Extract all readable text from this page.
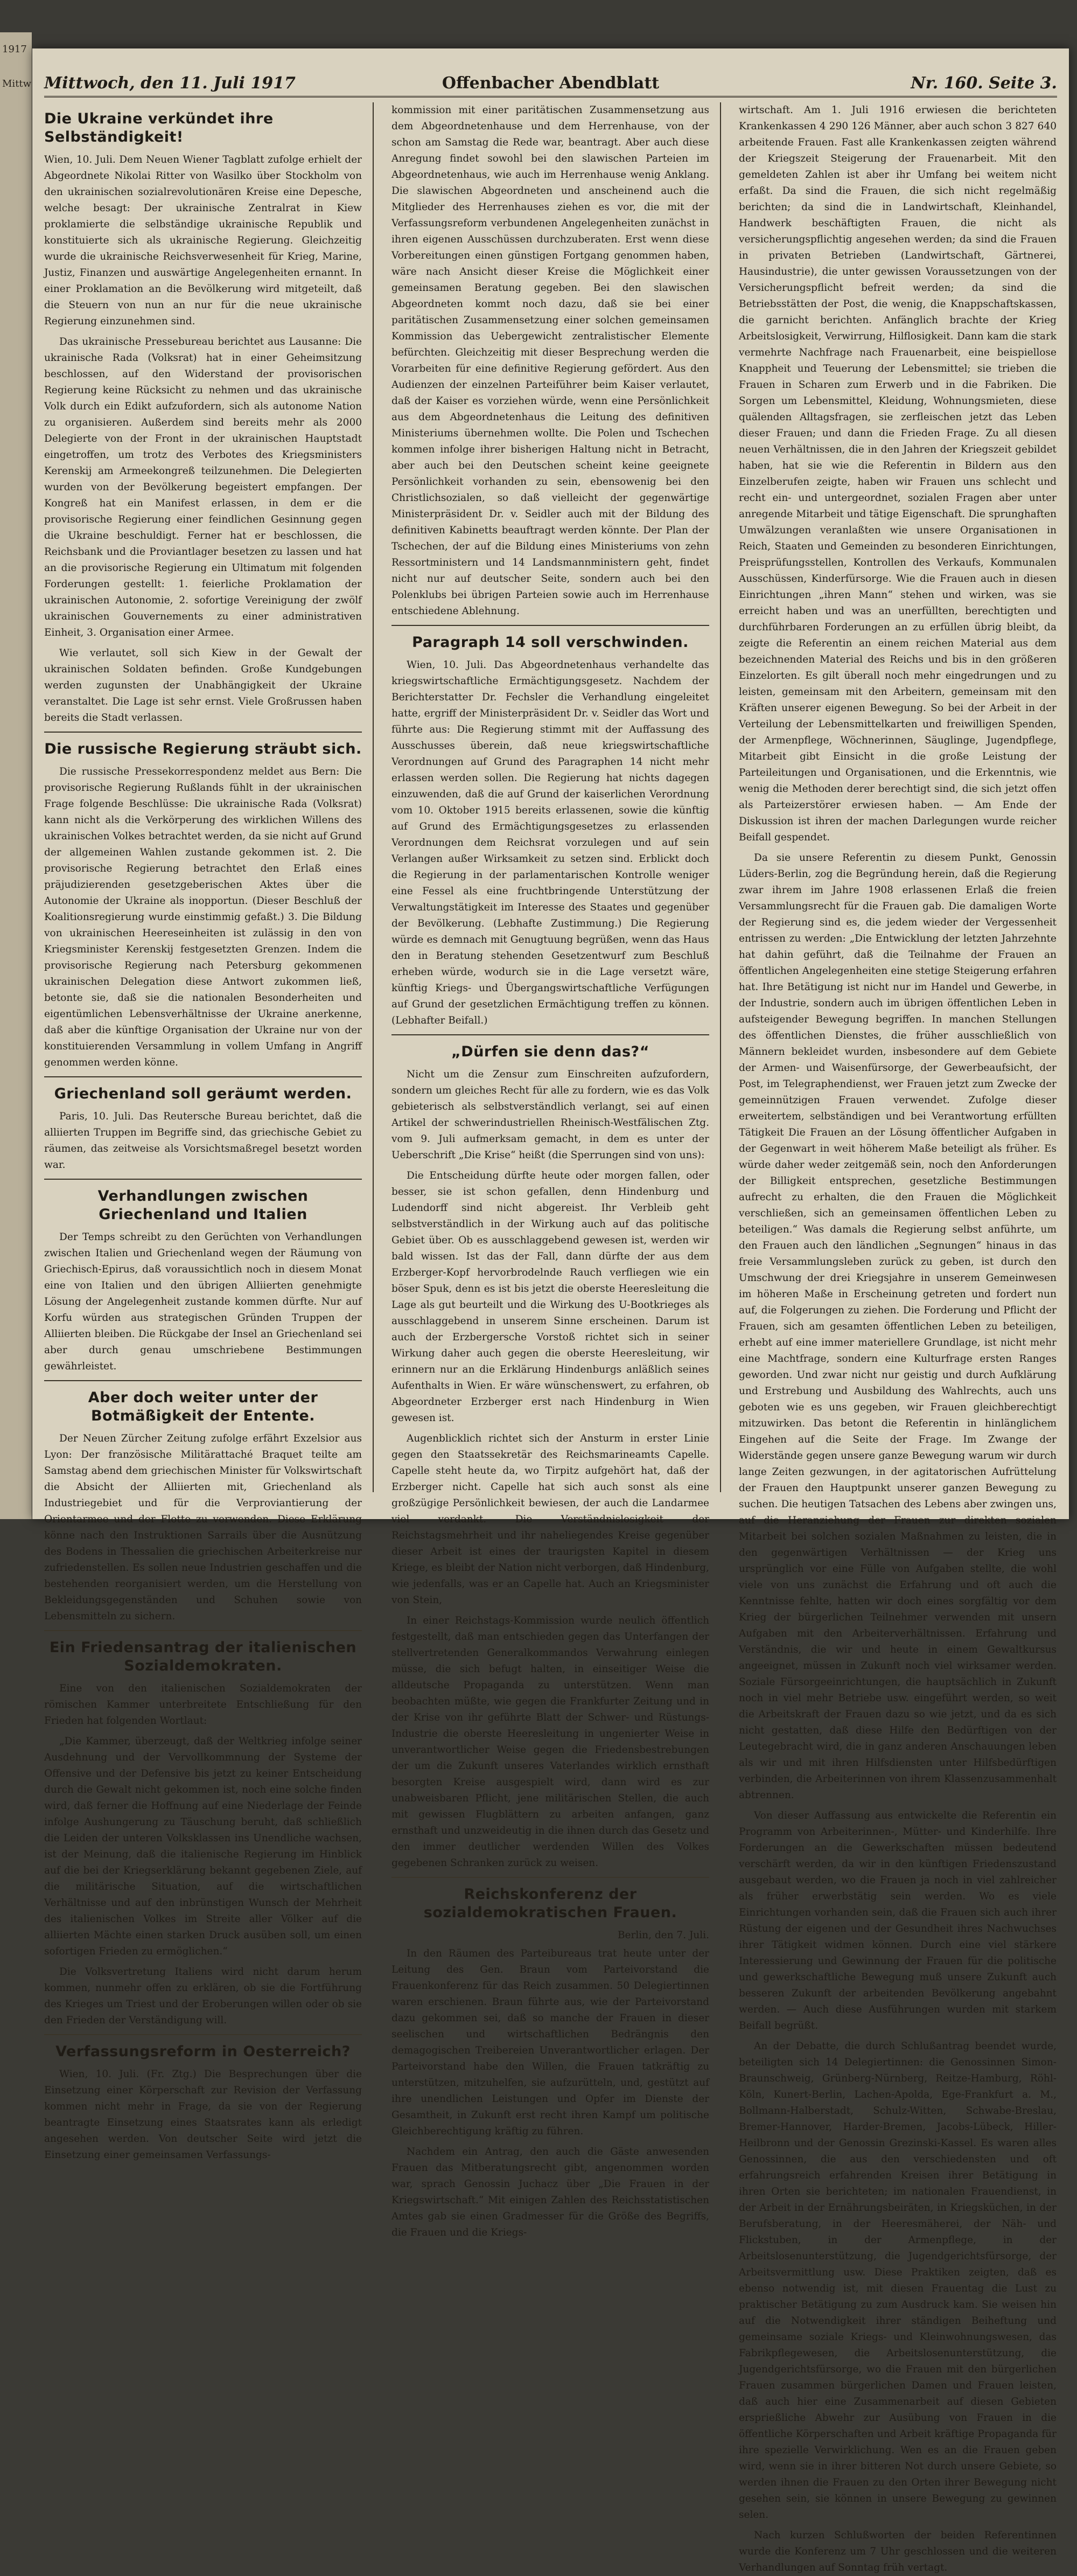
1917
Mittw Mittwoch, den 11. Juli 1917	Offenbacher Abendblatt	Nr. 160. Seite 3.
Die Ukraine verkündet ihre Selbständigkeit!

Wien, 10. Juli. Dem Neuen Wiener Tagblatt zufolge erhielt der Abgeordnete Nikolai Ritter von Wasilko über Stockholm von den ukrainischen sozialrevolutionären Kreise eine Depesche, welche besagt: Der ukrainische Zentralrat in Kiew proklamierte die selbständige ukrainische Republik und konstituierte sich als ukrainische Regierung. Gleichzeitig wurde die ukrainische Reichsverwesenheit für Krieg, Marine, Justiz, Finanzen und auswärtige Angelegenheiten ernannt. In einer Proklamation an die Bevölkerung wird mitgeteilt, daß die Steuern von nun an nur für die neue ukrainische Regierung einzunehmen sind.

Das ukrainische Pressebureau berichtet aus Lausanne: Die ukrainische Rada (Volksrat) hat in einer Geheimsitzung beschlossen, auf den Widerstand der provisorischen Regierung keine Rücksicht zu nehmen und das ukrainische Volk durch ein Edikt aufzufordern, sich als autonome Nation zu organisieren. Außerdem sind bereits mehr als 2000 Delegierte von der Front in der ukrainischen Hauptstadt eingetroffen, um trotz des Verbotes des Kriegsministers Kerenskij am Armeekongreß teilzunehmen. Die Delegierten wurden von der Bevölkerung begeistert empfangen. Der Kongreß hat ein Manifest erlassen, in dem er die provisorische Regierung einer feindlichen Gesinnung gegen die Ukraine beschuldigt. Ferner hat er beschlossen, die Reichsbank und die Proviantlager besetzen zu lassen und hat an die provisorische Regierung ein Ultimatum mit folgenden Forderungen gestellt: 1. feierliche Proklamation der ukrainischen Autonomie, 2. sofortige Vereinigung der zwölf ukrainischen Gouvernements zu einer administrativen Einheit, 3. Organisation einer Armee.

Wie verlautet, soll sich Kiew in der Gewalt der ukrainischen Soldaten befinden. Große Kundgebungen werden zugunsten der Unabhängigkeit der Ukraine veranstaltet. Die Lage ist sehr ernst. Viele Großrussen haben bereits die Stadt verlassen.

Die russische Regierung sträubt sich.

Die russische Pressekorrespondenz meldet aus Bern: Die provisorische Regierung Rußlands fühlt in der ukrainischen Frage folgende Beschlüsse: Die ukrainische Rada (Volksrat) kann nicht als die Verkörperung des wirklichen Willens des ukrainischen Volkes betrachtet werden, da sie nicht auf Grund der allgemeinen Wahlen zustande gekommen ist. 2. Die provisorische Regierung betrachtet den Erlaß eines präjudizierenden gesetzgeberischen Aktes über die Autonomie der Ukraine als inopportun. (Dieser Beschluß der Koalitionsregierung wurde einstimmig gefaßt.) 3. Die Bildung von ukrainischen Heereseinheiten ist zulässig in den von Kriegsminister Kerenskij festgesetzten Grenzen. Indem die provisorische Regierung nach Petersburg gekommenen ukrainischen Delegation diese Antwort zukommen ließ, betonte sie, daß sie die nationalen Besonderheiten und eigentümlichen Lebensverhältnisse der Ukraine anerkenne, daß aber die künftige Organisation der Ukraine nur von der konstituierenden Versammlung in vollem Umfang in Angriff genommen werden könne.

Griechenland soll geräumt werden.

Paris, 10. Juli. Das Reutersche Bureau berichtet, daß die alliierten Truppen im Begriffe sind, das griechische Gebiet zu räumen, das zeitweise als Vorsichtsmaßregel besetzt worden war.

Verhandlungen zwischen Griechenland und Italien

Der Temps schreibt zu den Gerüchten von Verhandlungen zwischen Italien und Griechenland wegen der Räumung von Griechisch-Epirus, daß voraussichtlich noch in diesem Monat eine von Italien und den übrigen Alliierten genehmigte Lösung der Angelegenheit zustande kommen dürfte. Nur auf Korfu würden aus strategischen Gründen Truppen der Alliierten bleiben. Die Rückgabe der Insel an Griechenland sei aber durch genau umschriebene Bestimmungen gewährleistet.

Aber doch weiter unter der Botmäßigkeit der Entente.

Der Neuen Zürcher Zeitung zufolge erfährt Exzelsior aus Lyon: Der französische Militärattaché Braquet teilte am Samstag abend dem griechischen Minister für Volkswirtschaft die Absicht der Alliierten mit, Griechenland als Industriegebiet und für die Verproviantierung der Orientarmee und der Flotte zu verwenden. Diese Erklärung könne nach den Instruktionen Sarrails über die Ausnützung des Bodens in Thessalien die griechischen Arbeiterkreise nur zufriedenstellen. Es sollen neue Industrien geschaffen und die bestehenden reorganisiert werden, um die Herstellung von Bekleidungsgegenständen und Schuhen sowie von Lebensmitteln zu sichern.

Ein Friedensantrag der italienischen Sozialdemokraten.

Eine von den italienischen Sozialdemokraten der römischen Kammer unterbreitete Entschließung für den Frieden hat folgenden Wortlaut:

„Die Kammer, überzeugt, daß der Weltkrieg infolge seiner Ausdehnung und der Vervollkommnung der Systeme der Offensive und der Defensive bis jetzt zu keiner Entscheidung durch die Gewalt nicht gekommen ist, noch eine solche finden wird, daß ferner die Hoffnung auf eine Niederlage der Feinde infolge Aushungerung zu Täuschung beruht, daß schließlich die Leiden der unteren Volksklassen ins Unendliche wachsen, ist der Meinung, daß die italienische Regierung im Hinblick auf die bei der Kriegserklärung bekannt gegebenen Ziele, auf die militärische Situation, auf die wirtschaftlichen Verhältnisse und auf den inbrünstigen Wunsch der Mehrheit des italienischen Volkes im Streite aller Völker auf die alliierten Mächte einen starken Druck ausüben soll, um einen sofortigen Frieden zu ermöglichen.“

Die Volksvertretung Italiens wird nicht darum herum kommen, nunmehr offen zu erklären, ob sie die Fortführung des Krieges um Triest und der Eroberungen willen oder ob sie den Frieden der Verständigung will.

Verfassungsreform in Oesterreich?

Wien, 10. Juli. (Fr. Ztg.) Die Besprechungen über die Einsetzung einer Körperschaft zur Revision der Verfassung kommen nicht mehr in Frage, da sie von der Regierung beantragte Einsetzung eines Staatsrates kann als erledigt angesehen werden. Von deutscher Seite wird jetzt die Einsetzung einer gemeinsamen Verfassungs-

kommission mit einer paritätischen Zusammensetzung aus dem Abgeordnetenhause und dem Herrenhause, von der schon am Samstag die Rede war, beantragt. Aber auch diese Anregung findet sowohl bei den slawischen Parteien im Abgeordnetenhaus, wie auch im Herrenhause wenig Anklang. Die slawischen Abgeordneten und anscheinend auch die Mitglieder des Herrenhauses ziehen es vor, die mit der Verfassungsreform verbundenen Angelegenheiten zunächst in ihren eigenen Ausschüssen durchzuberaten. Erst wenn diese Vorbereitungen einen günstigen Fortgang genommen haben, wäre nach Ansicht dieser Kreise die Möglichkeit einer gemeinsamen Beratung gegeben. Bei den slawischen Abgeordneten kommt noch dazu, daß sie bei einer paritätischen Zusammensetzung einer solchen gemeinsamen Kommission das Uebergewicht zentralistischer Elemente befürchten. Gleichzeitig mit dieser Besprechung werden die Vorarbeiten für eine definitive Regierung gefördert. Aus den Audienzen der einzelnen Parteiführer beim Kaiser verlautet, daß der Kaiser es vorziehen würde, wenn eine Persönlichkeit aus dem Abgeordnetenhaus die Leitung des definitiven Ministeriums übernehmen wollte. Die Polen und Tschechen kommen infolge ihrer bisherigen Haltung nicht in Betracht, aber auch bei den Deutschen scheint keine geeignete Persönlichkeit vorhanden zu sein, ebensowenig bei den Christlichsozialen, so daß vielleicht der gegenwärtige Ministerpräsident Dr. v. Seidler auch mit der Bildung des definitiven Kabinetts beauftragt werden könnte. Der Plan der Tschechen, der auf die Bildung eines Ministeriums von zehn Ressortministern und 14 Landsmannministern geht, findet nicht nur auf deutscher Seite, sondern auch bei den Polenklubs bei übrigen Parteien sowie auch im Herrenhause entschiedene Ablehnung.

Paragraph 14 soll verschwinden.

Wien, 10. Juli. Das Abgeordnetenhaus verhandelte das kriegswirtschaftliche Ermächtigungsgesetz. Nachdem der Berichterstatter Dr. Fechsler die Verhandlung eingeleitet hatte, ergriff der Ministerpräsident Dr. v. Seidler das Wort und führte aus: Die Regierung stimmt mit der Auffassung des Ausschusses überein, daß neue kriegswirtschaftliche Verordnungen auf Grund des Paragraphen 14 nicht mehr erlassen werden sollen. Die Regierung hat nichts dagegen einzuwenden, daß die auf Grund der kaiserlichen Verordnung vom 10. Oktober 1915 bereits erlassenen, sowie die künftig auf Grund des Ermächtigungsgesetzes zu erlassenden Verordnungen dem Reichsrat vorzulegen und auf sein Verlangen außer Wirksamkeit zu setzen sind. Erblickt doch die Regierung in der parlamentarischen Kontrolle weniger eine Fessel als eine fruchtbringende Unterstützung der Verwaltungstätigkeit im Interesse des Staates und gegenüber der Bevölkerung. (Lebhafte Zustimmung.) Die Regierung würde es demnach mit Genugtuung begrüßen, wenn das Haus den in Beratung stehenden Gesetzentwurf zum Beschluß erheben würde, wodurch sie in die Lage versetzt wäre, künftig Kriegs- und Übergangswirtschaftliche Verfügungen auf Grund der gesetzlichen Ermächtigung treffen zu können. (Lebhafter Beifall.)

„Dürfen sie denn das?“

Nicht um die Zensur zum Einschreiten aufzufordern, sondern um gleiches Recht für alle zu fordern, wie es das Volk gebieterisch als selbstverständlich verlangt, sei auf einen Artikel der schwerindustriellen Rheinisch-Westfälischen Ztg. vom 9. Juli aufmerksam gemacht, in dem es unter der Ueberschrift „Die Krise“ heißt (die Sperrungen sind von uns):

Die Entscheidung dürfte heute oder morgen fallen, oder besser, sie ist schon gefallen, denn Hindenburg und Ludendorff sind nicht abgereist. Ihr Verbleib geht selbstverständlich in der Wirkung auch auf das politische Gebiet über. Ob es ausschlaggebend gewesen ist, werden wir bald wissen. Ist das der Fall, dann dürfte der aus dem Erzberger-Kopf hervorbrodelnde Rauch verfliegen wie ein böser Spuk, denn es ist bis jetzt die oberste Heeresleitung die Lage als gut beurteilt und die Wirkung des U-Bootkrieges als ausschlaggebend in unserem Sinne erscheinen. Darum ist auch der Erzbergersche Vorstoß richtet sich in seiner Wirkung daher auch gegen die oberste Heeresleitung, wir erinnern nur an die Erklärung Hindenburgs anläßlich seines Aufenthalts in Wien. Er wäre wünschenswert, zu erfahren, ob Abgeordneter Erzberger erst nach Hindenburg in Wien gewesen ist.

Augenblicklich richtet sich der Ansturm in erster Linie gegen den Staatssekretär des Reichsmarineamts Capelle. Capelle steht heute da, wo Tirpitz aufgehört hat, daß der Erzberger nicht. Capelle hat sich auch sonst als eine großzügige Persönlichkeit bewiesen, der auch die Landarmee viel verdankt. Die Verständnislosigkeit der Reichstagsmehrheit und ihr naheliegendes Kreise gegenüber dieser Arbeit ist eines der traurigsten Kapitel in diesem Kriege, es bleibt der Nation nicht verborgen, daß Hindenburg, wie jedenfalls, was er an Capelle hat. Auch an Kriegsminister von Stein,

In einer Reichstags-Kommission wurde neulich öffentlich festgestellt, daß man entschieden gegen das Unterfangen der stellvertretenden Generalkommandos Verwahrung einlegen müsse, die sich befugt halten, in einseitiger Weise die alldeutsche Propaganda zu unterstützen. Wenn man beobachten müßte, wie gegen die Frankfurter Zeitung und in der Krise von ihr geführte Blatt der Schwer- und Rüstungs-Industrie die oberste Heeresleitung in ungenierter Weise in unverantwortlicher Weise gegen die Friedensbestrebungen der um die Zukunft unseres Vaterlandes wirklich ernsthaft besorgten Kreise ausgespielt wird, dann wird es zur unabweisbaren Pflicht, jene militärischen Stellen, die auch mit gewissen Flugblättern zu arbeiten anfangen, ganz ernsthaft und unzweideutig in die ihnen durch das Gesetz und den immer deutlicher werdenden Willen des Volkes gegebenen Schranken zurück zu weisen.

Reichskonferenz der sozialdemokratischen Frauen.
Berlin, den 7. Juli.

In den Räumen des Parteibureaus trat heute unter der Leitung des Gen. Braun vom Parteivorstand die Frauenkonferenz für das Reich zusammen. 50 Delegiertinnen waren erschienen. Braun führte aus, wie der Parteivorstand dazu gekommen sei, daß so manche der Frauen in dieser seelischen und wirtschaftlichen Bedrängnis den demagogischen Treibereien Unverantwortlicher erlagen. Der Parteivorstand habe den Willen, die Frauen tatkräftig zu unterstützen, mitzuhelfen, sie aufzurütteln, und, gestützt auf ihre unendlichen Leistungen und Opfer im Dienste der Gesamtheit, in Zukunft erst recht ihren Kampf um politische Gleichberechtigung kräftig zu führen.

Nachdem ein Antrag, den auch die Gäste anwesenden Frauen das Mitberatungsrecht gibt, angenommen worden war, sprach Genossin Juchacz über „Die Frauen in der Kriegswirtschaft.“ Mit einigen Zahlen des Reichsstatistischen Amtes gab sie einen Gradmesser für die Größe des Begriffs, die Frauen und die Kriegs-

wirtschaft. Am 1. Juli 1916 erwiesen die berichteten Krankenkassen 4 290 126 Männer, aber auch schon 3 827 640 arbeitende Frauen. Fast alle Krankenkassen zeigten während der Kriegszeit Steigerung der Frauenarbeit. Mit den gemeldeten Zahlen ist aber ihr Umfang bei weitem nicht erfaßt. Da sind die Frauen, die sich nicht regelmäßig berichten; da sind die in Landwirtschaft, Kleinhandel, Handwerk beschäftigten Frauen, die nicht als versicherungspflichtig angesehen werden; da sind die Frauen in privaten Betrieben (Landwirtschaft, Gärtnerei, Hausindustrie), die unter gewissen Voraussetzungen von der Versicherungspflicht befreit werden; da sind die Betriebsstätten der Post, die wenig, die Knappschaftskassen, die garnicht berichten. Anfänglich brachte der Krieg Arbeitslosigkeit, Verwirrung, Hilflosigkeit. Dann kam die stark vermehrte Nachfrage nach Frauenarbeit, eine beispiellose Knappheit und Teuerung der Lebensmittel; sie trieben die Frauen in Scharen zum Erwerb und in die Fabriken. Die Sorgen um Lebensmittel, Kleidung, Wohnungsmieten, diese quälenden Alltagsfragen, sie zerfleischen jetzt das Leben dieser Frauen; und dann die Frieden Frage. Zu all diesen neuen Verhältnissen, die in den Jahren der Kriegszeit gebildet haben, hat sie wie die Referentin in Bildern aus den Einzelberufen zeigte, haben wir Frauen uns schlecht und recht ein- und untergeordnet, sozialen Fragen aber unter anregende Mitarbeit und tätige Eigenschaft. Die sprunghaften Umwälzungen veranlaßten wie unsere Organisationen in Reich, Staaten und Gemeinden zu besonderen Einrichtungen, Preisprüfungsstellen, Kontrollen des Verkaufs, Kommunalen Ausschüssen, Kinderfürsorge. Wie die Frauen auch in diesen Einrichtungen „ihren Mann“ stehen und wirken, was sie erreicht haben und was an unerfüllten, berechtigten und durchführbaren Forderungen an zu erfüllen übrig bleibt, da zeigte die Referentin an einem reichen Material aus dem bezeichnenden Material des Reichs und bis in den größeren Einzelorten. Es gilt überall noch mehr eingedrungen und zu leisten, gemeinsam mit den Arbeitern, gemeinsam mit den Kräften unserer eigenen Bewegung. So bei der Arbeit in der Verteilung der Lebensmittelkarten und freiwilligen Spenden, der Armenpflege, Wöchnerinnen, Säuglinge, Jugendpflege, Mitarbeit gibt Einsicht in die große Leistung der Parteileitungen und Organisationen, und die Erkenntnis, wie wenig die Methoden derer berechtigt sind, die sich jetzt offen als Parteizerstörer erwiesen haben. — Am Ende der Diskussion ist ihren der machen Darlegungen wurde reicher Beifall gespendet.

Da sie unsere Referentin zu diesem Punkt, Genossin Lüders-Berlin, zog die Begründung herein, daß die Regierung zwar ihrem im Jahre 1908 erlassenen Erlaß die freien Versammlungsrecht für die Frauen gab. Die damaligen Worte der Regierung sind es, die jedem wieder der Vergessenheit entrissen zu werden: „Die Entwicklung der letzten Jahrzehnte hat dahin geführt, daß die Teilnahme der Frauen an öffentlichen Angelegenheiten eine stetige Steigerung erfahren hat. Ihre Betätigung ist nicht nur im Handel und Gewerbe, in der Industrie, sondern auch im übrigen öffentlichen Leben in aufsteigender Bewegung begriffen. In manchen Stellungen des öffentlichen Dienstes, die früher ausschließlich von Männern bekleidet wurden, insbesondere auf dem Gebiete der Armen- und Waisenfürsorge, der Gewerbeaufsicht, der Post, im Telegraphendienst, wer Frauen jetzt zum Zwecke der gemeinnützigen Frauen verwendet. Zufolge dieser erweitertem, selbständigen und bei Verantwortung erfüllten Tätigkeit Die Frauen an der Lösung öffentlicher Aufgaben in der Gegenwart in weit höherem Maße beteiligt als früher. Es würde daher weder zeitgemäß sein, noch den Anforderungen der Billigkeit entsprechen, gesetzliche Bestimmungen aufrecht zu erhalten, die den Frauen die Möglichkeit verschließen, sich an gemeinsamen öffentlichen Leben zu beteiligen.“ Was damals die Regierung selbst anführte, um den Frauen auch den ländlichen „Segnungen“ hinaus in das freie Versammlungsleben zurück zu geben, ist durch den Umschwung der drei Kriegsjahre in unserem Gemeinwesen im höheren Maße in Erscheinung getreten und fordert nun auf, die Folgerungen zu ziehen. Die Forderung und Pflicht der Frauen, sich am gesamten öffentlichen Leben zu beteiligen, erhebt auf eine immer materiellere Grundlage, ist nicht mehr eine Machtfrage, sondern eine Kulturfrage ersten Ranges geworden. Und zwar nicht nur geistig und durch Aufklärung und Erstrebung und Ausbildung des Wahlrechts, auch uns geboten wie es uns gegeben, wir Frauen gleichberechtigt mitzuwirken. Das betont die Referentin in hinlänglichem Eingehen auf die Seite der Frage. Im Zwange der Widerstände gegen unsere ganze Bewegung warum wir durch lange Zeiten gezwungen, in der agitatorischen Aufrüttelung der Frauen den Hauptpunkt unserer ganzen Bewegung zu suchen. Die heutigen Tatsachen des Lebens aber zwingen uns, auf die Heranziehung der Frauen zur direkten sozialen Mitarbeit bei solchen sozialen Maßnahmen zu leisten, die in den gegenwärtigen Verhältnissen — der Krieg uns ursprünglich vor eine Fülle von Aufgaben stellte, die wohl viele von uns zunächst die Erfahrung und oft auch die Kenntnisse fehlte, hatten wir doch eines sorgfältig vor dem Krieg der bürgerlichen Teilnehmer verwenden mit unsern Aufgaben mit den Arbeiterverhältnissen. Erfahrung und Verständnis, die wir und heute in einem Gewaltkursus angeeignet, müssen in Zukunft noch viel wirksamer werden. Soziale Fürsorgeeinrichtungen, die hauptsächlich in Zukunft noch in viel mehr Betriebe usw. eingeführt werden, so weit die Arbeitskraft der Frauen dazu so wie jetzt, und da es sich nicht gestatten, daß diese Hilfe den Bedürftigen von der Leutegebracht wird, die in ganz anderen Anschauungen leben als wir und mit ihren Hilfsdiensten unter Hilfsbedürftigen verbinden, die Arbeiterinnen von ihrem Klassenzusammenhalt abtrennen.

Von dieser Auffassung aus entwickelte die Referentin ein Programm von Arbeiterinnen-, Mütter- und Kinderhilfe. Ihre Forderungen an die Gewerkschaften müssen bedeutend verschärft werden, da wir in den künftigen Friedenszustand ausgebaut werden, wo die Frauen ja noch in viel zahlreicher als früher erwerbstätig sein werden. Wo es viele Einrichtungen vorhanden sein, daß die Frauen sich auch ihrer Rüstung der eigenen und der Gesundheit ihres Nachwuchses ihrer Tätigkeit widmen können. Durch eine viel stärkere Interessierung und Gewinnung der Frauen für die politische und gewerkschaftliche Bewegung muß unsere Zukunft auch besseren Zukunft der arbeitenden Bevölkerung angebahnt werden. — Auch diese Ausführungen wurden mit starkem Beifall begrüßt.

An der Debatte, die durch Schlußantrag beendet wurde, beteiligten sich 14 Delegiertinnen: die Genossinnen Simon-Braunschweig, Grünberg-Nürnberg, Reitze-Hamburg, Röhl-Köln, Kunert-Berlin, Lachen-Apolda, Ege-Frankfurt a. M., Bollmann-Halberstadt, Schulz-Witten, Schwabe-Breslau, Bremer-Hannover, Harder-Bremen, Jacobs-Lübeck, Hiller-Heilbronn und der Genossin Grezinski-Kassel. Es waren alles Genossinnen, die aus den verschiedensten und oft erfahrungsreich erfahrenden Kreisen ihrer Betätigung in ihren Orten sie berichteten; im nationalen Frauendienst, in der Arbeit in der Ernährungsbeiräten, in Kriegsküchen, in der Berufsberatung, in der Heeresmäherei, der Näh- und Flickstuben, in der Armenpflege, in der Arbeitslosenunterstützung, die Jugendgerichtsfürsorge, der Arbeitsvermittlung usw. Diese Praktiken zeigten, daß es ebenso notwendig ist, mit diesen Frauentag die Lust zu praktischer Betätigung zu zum Ausdruck kam. Sie weisen hin auf die Notwendigkeit ihrer ständigen Beiheftung und gemeinsame soziale Kriegs- und Kleinwohnungswesen, das Fabrikpflegewesen, die Arbeitslosenunterstützung, die Jugendgerichtsfürsorge, wo die Frauen mit den bürgerlichen Frauen zusammen bürgerlichen Damen und Frauen leisten, daß auch hier eine Zusammenarbeit auf diesen Gebieten ersprießliche Abwehr zur Ausübung von Frauen in die öffentliche Körperschaften und Arbeit kräftige Propaganda für ihre spezielle Verwirklichung. Wen es an die Frauen geben wird, wenn sie in ihrer bitteren Not durch unsere Gebiete, so werden ihnen die Frauen zu den Orten ihrer Bewegung nicht gesehen sein, sie können in unsere Bewegung zu gewinnen selen.

Nach kurzen Schlußworten der beiden Referentinnen wurde die Konferenz um 7 Uhr geschlossen und die weiteren Verhandlungen auf Sonntag früh vertagt.
